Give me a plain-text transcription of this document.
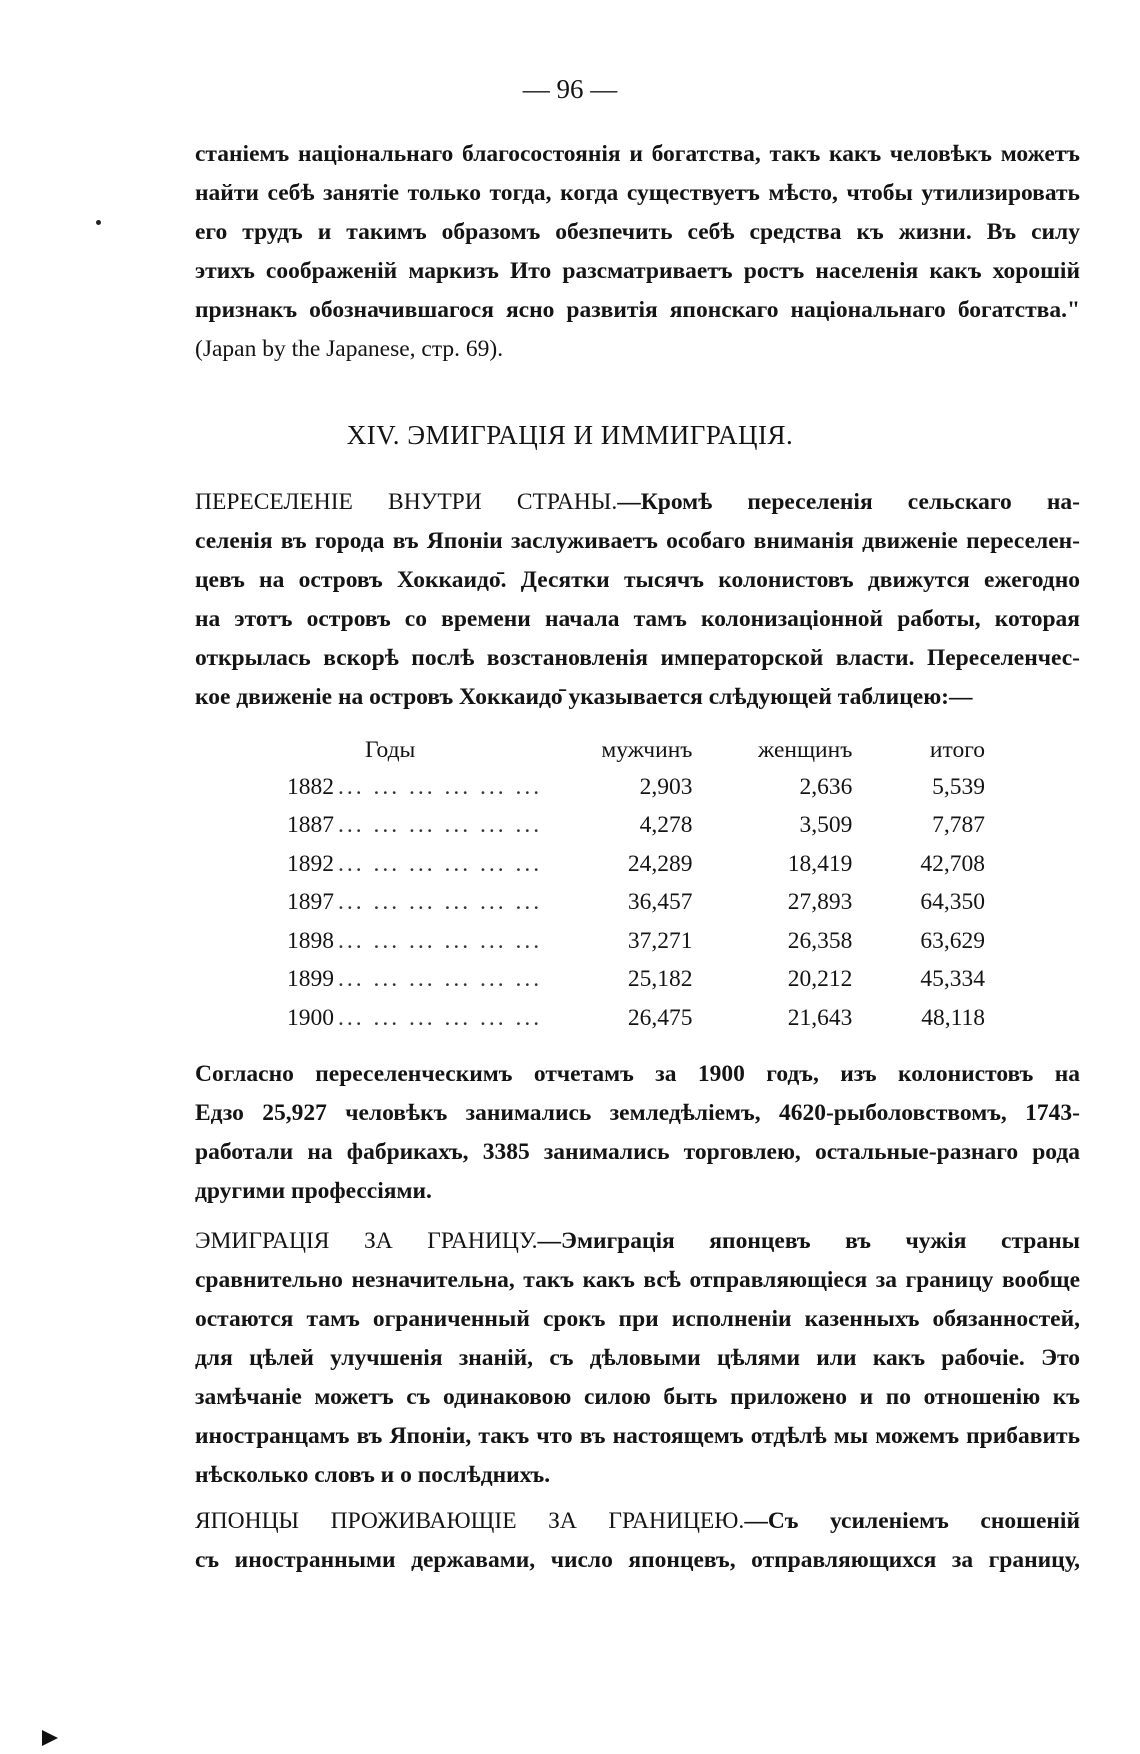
— 96 —
станіемъ національнаго благосостоянія и богатства, такъ какъ человѣкъ можетъ
найти себѣ занятіе только тогда, когда существуетъ мѣсто, чтобы утилизировать
его трудъ и такимъ образомъ обезпечить себѣ средства къ жизни. Въ силу
этихъ соображеній маркизъ Ито разсматриваетъ ростъ населенія какъ хорошій
признакъ обозначившагося ясно развитія японскаго національнаго богатства."
(Japan by the Japanese, стр. 69).
XIV. ЭМИГРАЦІЯ И ИММИГРАЦІЯ.
ПЕРЕСЕЛЕНІЕ ВНУТРИ СТРАНЫ.—Кромѣ переселенія сельскаго на-
селенія въ города въ Японіи заслуживаетъ особаго вниманія движеніе переселен-
цевъ на островъ Хоккаидо̄. Десятки тысячъ колонистовъ движутся ежегодно
на этотъ островъ со времени начала тамъ колонизаціонной работы, которая
открылась вскорѣ послѣ возстановленія императорской власти. Переселенчес-
кое движеніе на островъ Хоккаидо̄ указывается слѣдующей таблицею:—
Годы	мужчинъ	женщинъ	итого
1882 ... ... ... ... ... ...	2,903	2,636	5,539
1887 ... ... ... ... ... ...	4,278	3,509	7,787
1892 ... ... ... ... ... ...	24,289	18,419	42,708
1897 ... ... ... ... ... ...	36,457	27,893	64,350
1898 ... ... ... ... ... ...	37,271	26,358	63,629
1899 ... ... ... ... ... ...	25,182	20,212	45,334
1900 ... ... ... ... ... ...	26,475	21,643	48,118
Согласно переселенческимъ отчетамъ за 1900 годъ, изъ колонистовъ на
Едзо 25,927 человѣкъ занимались земледѣліемъ, 4620-рыболовствомъ, 1743-
работали на фабрикахъ, 3385 занимались торговлею, остальные-разнаго рода
другими профессіями.
ЭМИГРАЦІЯ ЗА ГРАНИЦУ.—Эмиграція японцевъ въ чужія страны
сравнительно незначительна, такъ какъ всѣ отправляющіеся за границу вообще
остаются тамъ ограниченный срокъ при исполненіи казенныхъ обязанностей,
для цѣлей улучшенія знаній, съ дѣловыми цѣлями или какъ рабочіе. Это
замѣчаніе можетъ съ одинаковою силою быть приложено и по отношенію къ
иностранцамъ въ Японіи, такъ что въ настоящемъ отдѣлѣ мы можемъ прибавить
нѣсколько словъ и о послѣднихъ.
ЯПОНЦЫ ПРОЖИВАЮЩІЕ ЗА ГРАНИЦЕЮ.—Съ усиленіемъ сношеній
съ иностранными державами, число японцевъ, отправляющихся за границу,
